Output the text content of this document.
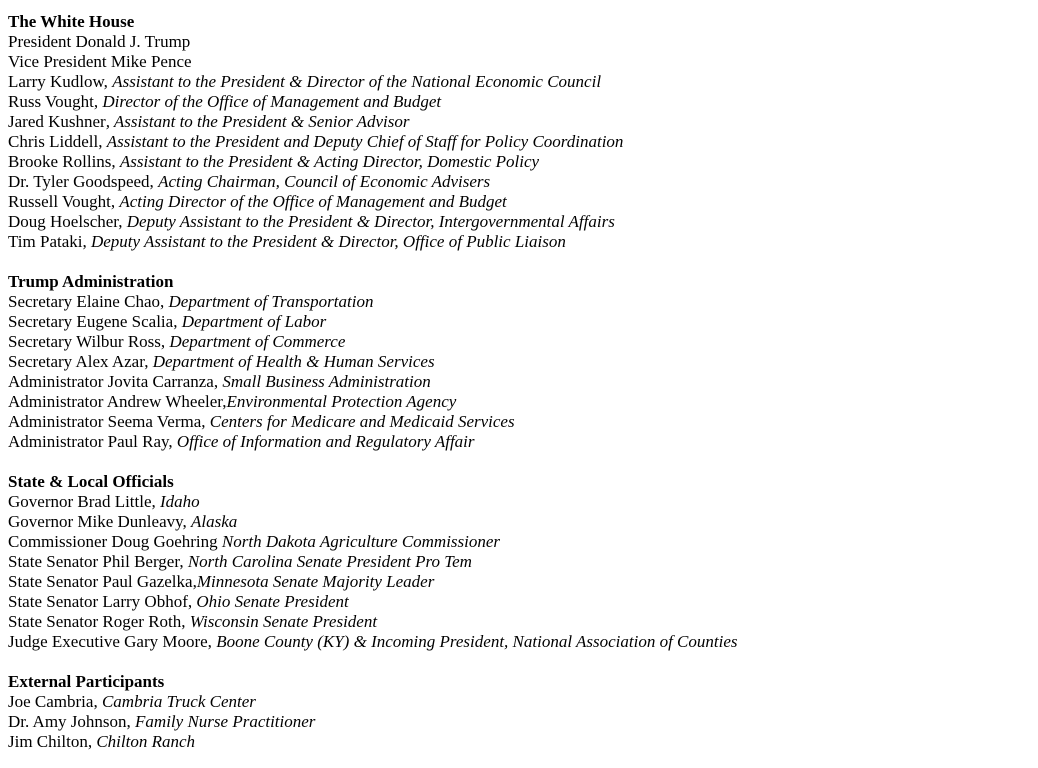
The White House
President Donald J. Trump
Vice President Mike Pence
Larry Kudlow, Assistant to the President & Director of the National Economic Council
Russ Vought, Director of the Office of Management and Budget
Jared Kushner, Assistant to the President & Senior Advisor
Chris Liddell, Assistant to the President and Deputy Chief of Staff for Policy Coordination
Brooke Rollins, Assistant to the President & Acting Director, Domestic Policy
Dr. Tyler Goodspeed, Acting Chairman, Council of Economic Advisers
Russell Vought, Acting Director of the Office of Management and Budget
Doug Hoelscher, Deputy Assistant to the President & Director, Intergovernmental Affairs
Tim Pataki, Deputy Assistant to the President & Director, Office of Public Liaison
Trump Administration
Secretary Elaine Chao, Department of Transportation
Secretary Eugene Scalia, Department of Labor
Secretary Wilbur Ross, Department of Commerce
Secretary Alex Azar, Department of Health & Human Services
Administrator Jovita Carranza, Small Business Administration
Administrator Andrew Wheeler,Environmental Protection Agency
Administrator Seema Verma, Centers for Medicare and Medicaid Services
Administrator Paul Ray, Office of Information and Regulatory Affair
State & Local Officials
Governor Brad Little, Idaho
Governor Mike Dunleavy, Alaska
Commissioner Doug Goehring North Dakota Agriculture Commissioner
State Senator Phil Berger, North Carolina Senate President Pro Tem
State Senator Paul Gazelka,Minnesota Senate Majority Leader
State Senator Larry Obhof, Ohio Senate President
State Senator Roger Roth, Wisconsin Senate President
Judge Executive Gary Moore, Boone County (KY) & Incoming President, National Association of Counties
External Participants
Joe Cambria, Cambria Truck Center
Dr. Amy Johnson, Family Nurse Practitioner
Jim Chilton, Chilton Ranch
